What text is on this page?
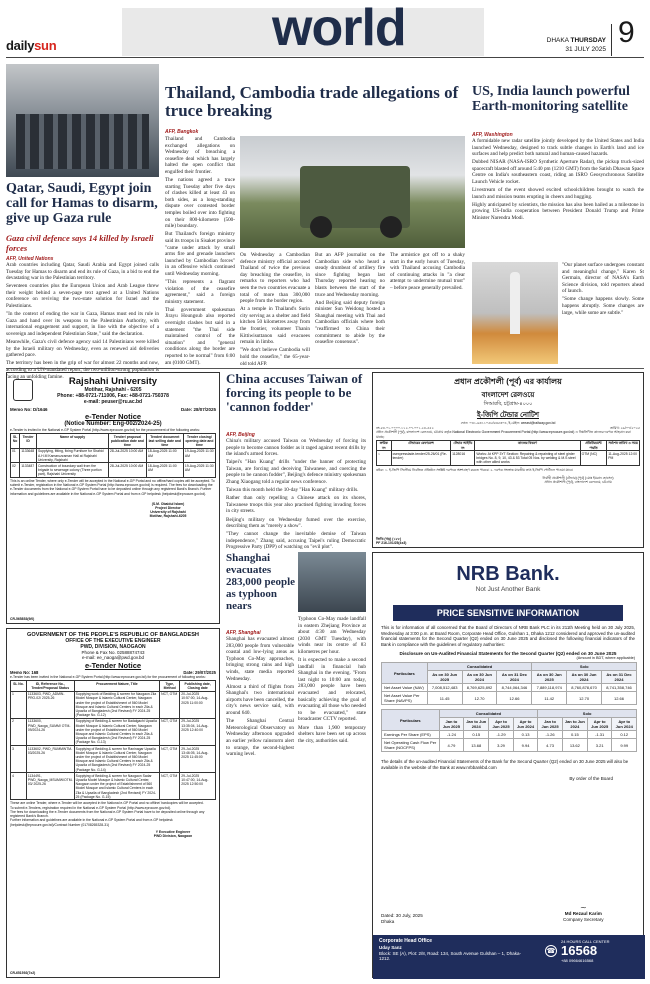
dailysun	world	DHAKA THURSDAY
31 JULY 2025
9
Qatar, Saudi, Egypt join call for Hamas to disarm, give up Gaza rule
Gaza civil defence says 14 killed by Israeli forces
AFP, United Nations

Arab countries including Qatar, Saudi Arabia and Egypt joined calls Tuesday for Hamas to disarm and end its rule of Gaza, in a bid to end the devastating war in the Palestinian territory.

Seventeen countries plus the European Union and Arab League threw their weight behind a seven-page text agreed at a United Nations conference on reviving the two-state solution for Israel and the Palestinians.

"In the context of ending the war in Gaza, Hamas must end its rule in Gaza and hand over its weapons to the Palestinian Authority, with international engagement and support, in line with the objective of a sovereign and independent Palestinian State," said the declaration.

Meanwhile, Gaza's civil defence agency said 14 Palestinians were killed by the Israeli military on Wednesday, even as renewed aid deliveries gathered pace.

The territory has been in the grip of war for almost 22 months and now, according to a UN-mandated report, the two-million-strong population is facing an unfolding famine.

Thailand, Cambodia trade allegations of truce breaking
AFP, Bangkok

Thailand and Cambodia exchanged allegations on Wednesday of breaching a ceasefire deal which has largely halted the open conflict that engulfed their frontier.

The nations agreed a truce starting Tuesday after five days of clashes killed at least 43 on both sides, as a long-standing dispute over contested border temples boiled over into fighting on their 800-kilometre (500-mile) boundary.

But Thailand's foreign ministry said its troops in Sisaket province "came under attack by small arms fire and grenade launchers launched by Cambodian forces" in an offensive which continued until Wednesday morning.

"This represents a flagrant violation of the ceasefire agreement," said a foreign ministry statement.

Thai government spokesman Jirayu Houngsub also reported overnight clashes but said in a statement "the Thai side maintained control of the situation" and "general conditions along the border are reported to be normal" from 6:00 am (0100 GMT).

On Wednesday a Cambodian defence ministry official accused Thailand of twice the previous day breaching the ceasefire, in remarks to reporters who had seen the two countries evacuate a total of more than 300,000 people from the border region.

At a temple in Thailand's Surin city serving as a shelter and field kitchen 50 kilometres away from the frontier, volunteer Thanin Kittiwisuttanon said evacuees remain in limbo.

"We don't believe Cambodia will hold the ceasefire," the 65-year-old told AFP.

But an AFP journalist on the Cambodian side who heard a steady drumbeat of artillery fire since fighting began last Thursday reported hearing no blasts between the start of the truce and Wednesday morning.

And Beijing said deputy foreign minister Sun Weidong hosted a Shanghai meeting with Thai and Cambodian officials where both "reaffirmed to China their commitment to abide by the ceasefire consensus".

The armistice got off to a shaky start in the early hours of Tuesday, with Thailand accusing Cambodia of continuing attacks in "a clear attempt to undermine mutual trust" – before peace generally prevailed.

US, India launch powerful Earth-monitoring satellite
AFP, Washington

A formidable new radar satellite jointly developed by the United States and India launched Wednesday, designed to track subtle changes in Earth's land and ice surfaces and help predict both natural and human-caused hazards.

Dubbed NISAR (NASA-ISRO Synthetic Aperture Radar), the pickup truck-sized spacecraft blasted off around 5:40 pm (1210 GMT) from the Satish Dhawan Space Centre on India's southeastern coast, riding an ISRO Geosynchronous Satellite Launch Vehicle rocket.

Livestream of the event showed excited schoolchildren brought to watch the launch and mission teams erupting in cheers and hugging.

Highly anticipated by scientists, the mission has also been hailed as a milestone in growing US-India cooperation between President Donald Trump and Prime Minister Narendra Modi.

"Our planet surface undergoes constant and meaningful change," Karen St Germain, director of NASA's Earth Science division, told reporters ahead of launch.

"Some change happens slowly. Some happens abruptly. Some changes are large, while some are subtle."

Rajshahi University
Motihar, Rajshahi - 6205
Phone: +88-0721-711006, Fax: +88-0721-750378
e-mail: peuser@ru.ac.bd
Memo No: D/1646	Date: 28/07/2025
e-Tender Notice
(Notice Number: Eng-002/2024-25)
e-Tender is invited in the National e-GP System Portal (http://www.eprocure.gov.bd) for the procurement of the following works:
SL No	Tender ID	Name of supply	Tender/ proposal publication date and time	Tender/ document last selling date and time	Tender closing/ opening date and time
01	1133648	Supplying, fitting, fixing Furniture for Shahid A.H.M Kamaruzzaman Hall at Rajshahi University, Rajshahi	28-Jul-2025 10:00 AM	18-Aug-2025 11:00 AM	19-Aug-2025 11:30 AM
02	1133487	Construction of boundary wall from fire brigade to sewerage colony (Three portion part), Rajshahi University	28-Jul-2025 10:00 AM	18-Aug-2025 11:00 AM	19-Aug-2025 11:30 AM
This is an online Tender, where only e-Tender will be accepted in the National e-GP Portal and no offline/hard copies will be accepted. To submit e-Tender, registration in the National e-GP System Portal (http://www.eprocure.gov.bd) is required. The fees for downloading the e-Tender documents from the National e-GP System Portal have to be deposited online through any registered Bank's Branch. Further information and guidelines are available in the National e-GP System Portal and from e-GP helpdesk (helpdesk@eprocure.gov.bd).
(S.M. Obaidul Islam)
Project Director
University of Rajshahi
Motihar, Rajshahi-6205
CR-565853(9/0)
GOVERNMENT OF THE PEOPLE'S REPUBLIC OF BANGLADESH
OFFICE OF THE EXECUTIVE ENGINEER
PWD, DIVISION, NAOGAON
Phone & Fax No. 02588874743
e-mail: ee_naoga@pwd.gov.bd
e-Tender Notice
Memo No: 168	Date: 29/07/2025
e-Tender has been invited in the National e-GP System Portal (http://www.eprocure.gov.bd) for the procurement of following works:
SL No.	ID, Reference No., Tender/Proposal Status	Procurement Nature, Title	Type, Method	Publishing date, Closing date
1	1133603, PWD_ADMIN-PRO-02/ 2025-26	Supplying work of Bedding & screen for Naogaon Zila Model Mosque & Islamic Cultural Center, Naogaon under the project of Establishment of 560 Model Mosque and Islamic Cultural Centers in each Zila & Upazila of Bangladesh (2nd Revised) FY 2024-25 (Package No. G-12)	NCT, OTM	20-Jul-2025 10:57:00, 14-Aug-2025 11:00:00
2	1133600, PWD_Naoga_SUMM/ OTM-09/2024-26	Supplying of Bedding & screen for Badalgachi Upazila Model Mosque & Islamic Cultural Center, Naogaon under the project of Establishment of 560 Model Mosque and Islamic Cultural Centers in each Zila & Upazila of Bangladesh (2nd Revised) FY 2024-25 (Package No. G-13)	NCT, OTM	29-Jul-2025 13:35:04, 14-Aug-2025 12:40:00
3	1133602, PWD_RUMMWTM-03/2025-26	Supplying of Bedding & screen for Raninagar Upazila Model Mosque & Islamic Cultural Center, Naogaon under the project of Establishment of 560 Model Mosque and Islamic Cultural Centers in each Zila & Upazila of Bangladesh (2nd Revised) FY 2024-25 (Package No. G-14)	NCT, OTM	29-Jul-2025 13:46:05, 14-Aug-2025 11:45:00
4	1134491, PWD_Naoga_MSUMW/OTM-03/ 2025-26	Supplying of Bedding & screen for Naogaon Sadar Upazila Model Mosque & Islamic Cultural Center, Naogaon under the project of Establishment of 560 Model Mosque and Islamic Cultural Centers in each Zila & Upazila of Bangladesh (2nd Revised) FY 2024-25 (Package No. G-15)	NCT, OTM	29-Jul-2025 10:47:00, 14-Aug-2025 12:50:00
These are online Tender, where e-Tender will be accepted in the National e-GP Portal and no offline/ hardcopies will be accepted.
To submit e-Tenders, registration required in the National e-GP System Portal (http://www.eprocure.gov.bd).
The fees for downloading the e-Tender documents from the National e-GP System Portal have to be deposited online through any registered Bank's Branch.
Further information and guidelines are available in the National e-GP System Portal and from e-GP helpdesk (helpdesk@eprocure.gov.bd)/Contract Number (01708265328-31)
Y Executive Engineer
PWD Division, Naogaon
CR-651592(7x2)
China accuses Taiwan of forcing its people to be 'cannon fodder'
AFP, Beijing

China's military accused Taiwan on Wednesday of forcing its people to become cannon fodder as it raged against recent drills by the island's armed forces.

Taipei's "Han Kuang" drills "under the banner of protecting Taiwan, are forcing and deceiving Taiwanese, and coercing the people to be cannon fodder", Beijing's defence ministry spokesman Zhang Xiaogang told a regular news conference.

Taiwan this month held the 10-day "Han Kuang" military drills.

Rather than only repelling a Chinese attack on its shores, Taiwanese troops this year also practised fighting invading forces in city streets.

Beijing's military on Wednesday fumed over the exercise, describing them as "merely a show".

"They cannot change the inevitable demise of Taiwan independence," Zhang said, accusing Taipei's ruling Democratic Progressive Party (DPP) of watching on "evil plot".

প্রধান প্রকৌশলী (পূর্ব) এর কার্যালয়
বাংলাদেশ রেলওয়ে
সিআরবি, চট্টগ্রাম-৪০০০
ই-জিপি টেন্ডার নোটিশ
ফোন: ০৩১-৬৩১১০৫৮/৬৩৫৩০৪, ই-মেইল: ceeast@railway.gov.bd
নং-৫৪.০১.০০০০.১১২.০৭.০০১.২৪-৫৫২	তারিখ: ২৯/০৭/২০২৫
প্রধান প্রকৌশলী (পূর্ব), বাংলাদেশ রেলওয়ে, চট্টগ্রাম কর্তৃক National Electronic Government Procurement Portal (http://www.eprocure.gov.bd) এ নিম্নলিখিত কাজের দরপত্র আহবান করা যাচ্ছে:
ক্রমিক নং	টেন্ডারের রেফারেন্স	টেন্ডার আইডি নং	কাজের বিবরণ	প্রকিউরমেন্ট পদ্ধতি	সর্বশেষ তারিখ ও সময়
১	csexpresslade-tender/25-26/01 (Re-tender)	1128016	Works: At KPP 3YT Section: Repairing & repainting of steel girder bridges No. 8, 9, 10, 43 & 53 Total 05 Nos. by welding & M.S steel with other allied works	OTM (NC)	11-Aug-2025 12:00 PM
দ্রষ্টব্য: ১. ই-জিপি সিস্টেমে নিবন্ধিত প্রতিষ্ঠান সংশ্লিষ্ট দরপত্রে অংশগ্রহণ করতে পারবে। ২. দরপত্র সংক্রান্ত যাবতীয় তথ্য ই-জিপি পোর্টালে পাওয়া যাবে।
নির্বাহী প্রকৌশলী (টেন্ডার) (পূর্ব) (মোঃ ইমরান হোসেন)
প্রধান প্রকৌশলী (পূর্ব), বাংলাদেশ রেলওয়ে, চট্টগ্রাম
জিডি (খড়) (১৮৮)
PF 216-101/25(4x3)
Shanghai evacuates 283,000 people as typhoon nears
AFP, Shanghai

Shanghai has evacuated almost 283,000 people from vulnerable coastal and low-lying areas as Typhoon Co-May approaches, bringing strong rains and high winds, state media reported Wednesday.

Almost a third of flights from Shanghai's two international airports have been cancelled, the city's news service said, with around 640.

The Shanghai Central Meteorological Observatory on Wednesday afternoon upgraded an earlier yellow rainstorm alert to orange, the second-highest warning level.

Typhoon Co-May made landfall in eastern Zhejiang Province at about 4:30 am Wednesday (2030 GMT Tuesday), with winds near its centre of 83 kilometres per hour.

It is expected to make a second landfall in financial hub Shanghai in the evening. "From last night to 10:00 am today, 283,000 people have been evacuated and relocated, basically achieving the goal of evacuating all those who needed to be evacuated," state broadcaster CCTV reported.

More than 1,900 temporary shelters have been set up across the city, authorities said.

NRB Bank.
Not Just Another Bank
PRICE SENSITIVE INFORMATION
This is for information of all concerned that the Board of Directors of NRB Bank PLC in its 211th Meeting held on 30 July 2025, Wednesday at 3:00 p.m. at Board Room, Corporate Head Office, Gulshan 1, Dhaka 1212 considered and approved the un-audited financial statements for the Second Quarter (Q2) ended on 30 June 2025 and disclosed the following financial indicators of the Bank in compliance with the guidelines of regulatory authorities:
Disclosure on Un-Audited Financial Statements for the Second Quarter (Q2) ended on 30 June 2025
(Amount in BDT, where applicable)
Particulars	Consolidated			Solo		
	As on 30 Jun 2025	As on 30 Jun 2024	As on 31 Dec 2024	As on 30 Jun 2025	As on 30 Jun 2024	As on 31 Dec 2024
Net Asset Value (NAV)	7,008,512,483	8,769,625,892	8,744,064,346	7,889,118,974	8,760,878,670	8,741,358,746
Net Asset Value Per Share (NAVPS)	11.45	12.70	12.66	11.42	12.70	12.66
Particulars	Consolidated				Solo			
	Jan to Jun 2025	Jan to Jun 2024	Apr to Jun 2025	Apr to Jun 2024	Jan to Jun 2025	Jan to Jun 2024	Apr to Jun 2025	Apr to Jun 2024
Earnings Per Share (EPS)	-1.24	0.15	-1.29	0.13	-1.26	0.15	-1.31	0.12
Net Operating Cash Flow Per Share (NOCFPS)	4.79	13.68	3.29	9.94	4.73	13.62	3.21	9.99
The details of the un-audited Financial Statements of the Bank for the Second Quarter (Q2) ended on 30 June 2025 will also be available in the website of the Bank at www.nrbbankbd.com
By order of the Board
Dated: 30 July, 2025
Dhaka
~
Md Rezaul Karim
Company Secretary
Corporate Head Office
Uday Sanz
Block: SE (A), Plot: 2/8, Road: 134, South Avenue Gulshan – 1, Dhaka-1212.
☎
24 HOURS CALL CENTER
16568
+88 09664616568
